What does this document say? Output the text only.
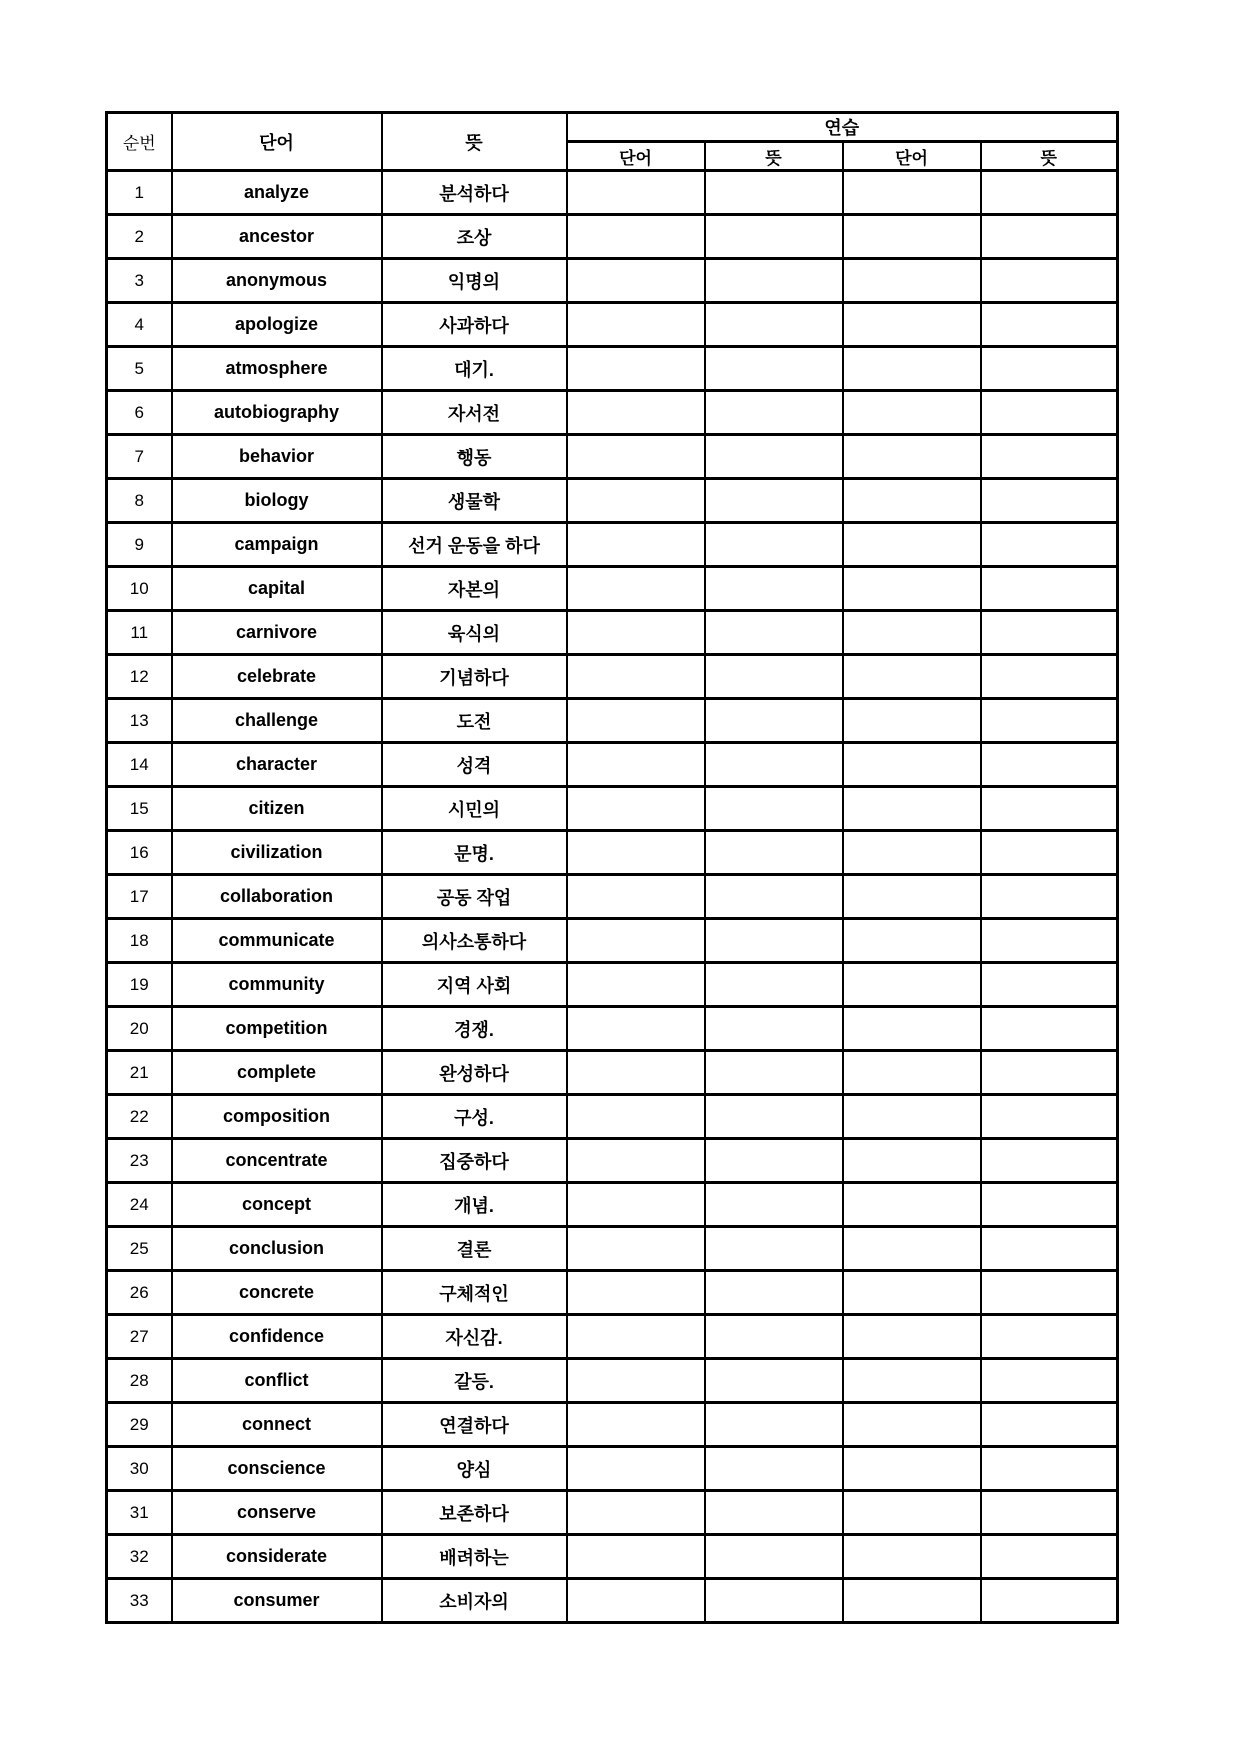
순번	단어	뜻	연습			
			단어	뜻	단어	뜻
1	analyze	분석하다				
2	ancestor	조상				
3	anonymous	익명의				
4	apologize	사과하다				
5	atmosphere	대기.				
6	autobiography	자서전				
7	behavior	행동				
8	biology	생물학				
9	campaign	선거 운동을 하다				
10	capital	자본의				
11	carnivore	육식의				
12	celebrate	기념하다				
13	challenge	도전				
14	character	성격				
15	citizen	시민의				
16	civilization	문명.				
17	collaboration	공동 작업				
18	communicate	의사소통하다				
19	community	지역 사회				
20	competition	경쟁.				
21	complete	완성하다				
22	composition	구성.				
23	concentrate	집중하다				
24	concept	개념.				
25	conclusion	결론				
26	concrete	구체적인				
27	confidence	자신감.				
28	conflict	갈등.				
29	connect	연결하다				
30	conscience	양심				
31	conserve	보존하다				
32	considerate	배려하는				
33	consumer	소비자의				
